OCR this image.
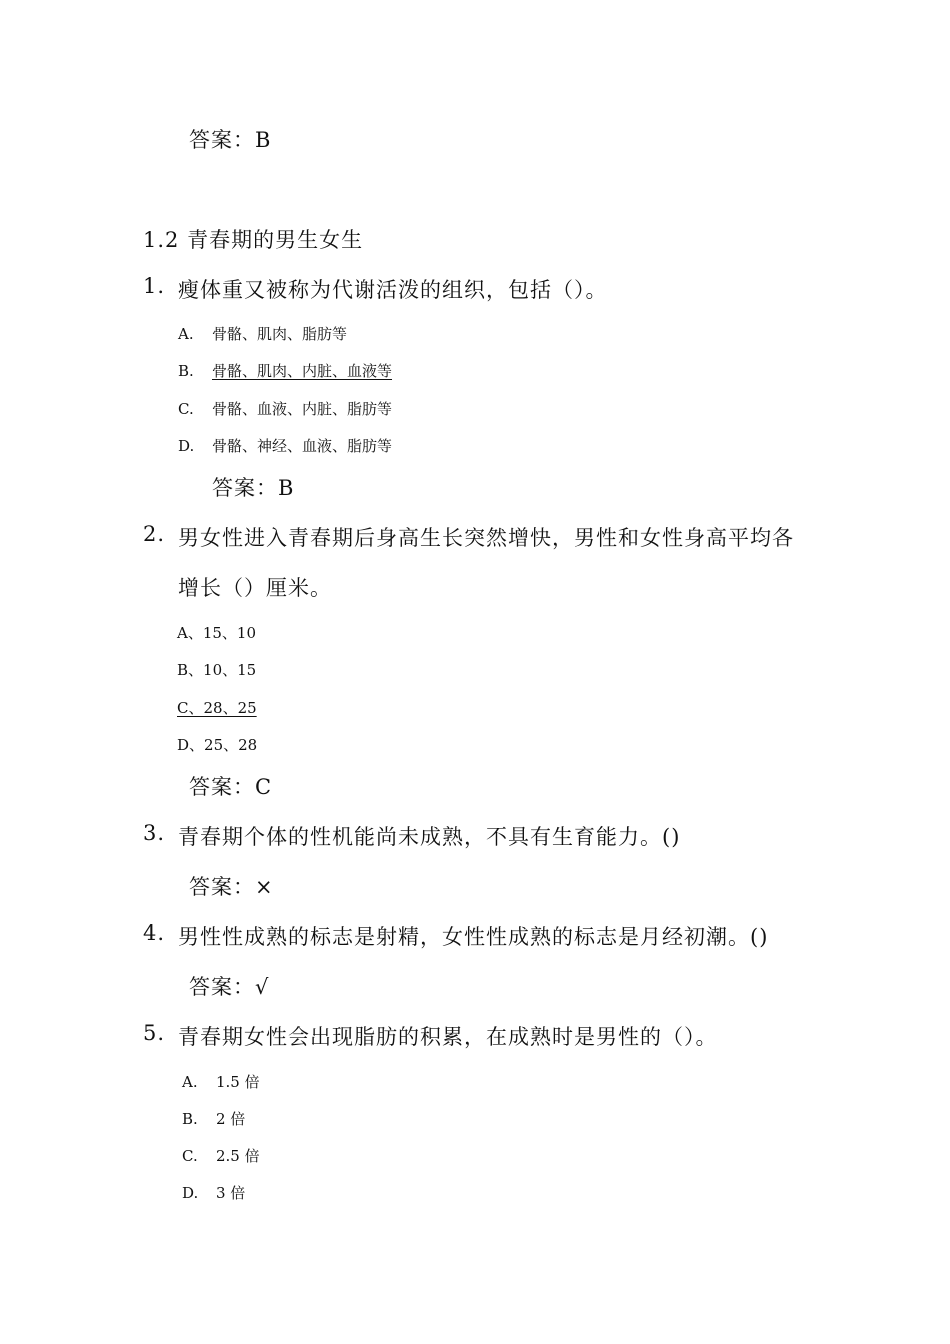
答案：B
1.2 青春期的男生女生
1. 瘦体重又被称为代谢活泼的组织，包括（）。
A. 骨骼、肌肉、脂肪等
B. 骨骼、肌肉、内脏、血液等
C. 骨骼、血液、内脏、脂肪等
D. 骨骼、神经、血液、脂肪等
答案：B
2. 男女性进入青春期后身高生长突然增快，男性和女性身高平均各
增长（）厘米。
A、15、10
B、10、15
C、28、25
D、25、28
答案：C
3. 青春期个体的性机能尚未成熟，不具有生育能力。()
答案：×
4. 男性性成熟的标志是射精，女性性成熟的标志是月经初潮。()
答案：√
5. 青春期女性会出现脂肪的积累，在成熟时是男性的（）。
A. 1.5 倍
B. 2 倍
C. 2.5 倍
D. 3 倍
